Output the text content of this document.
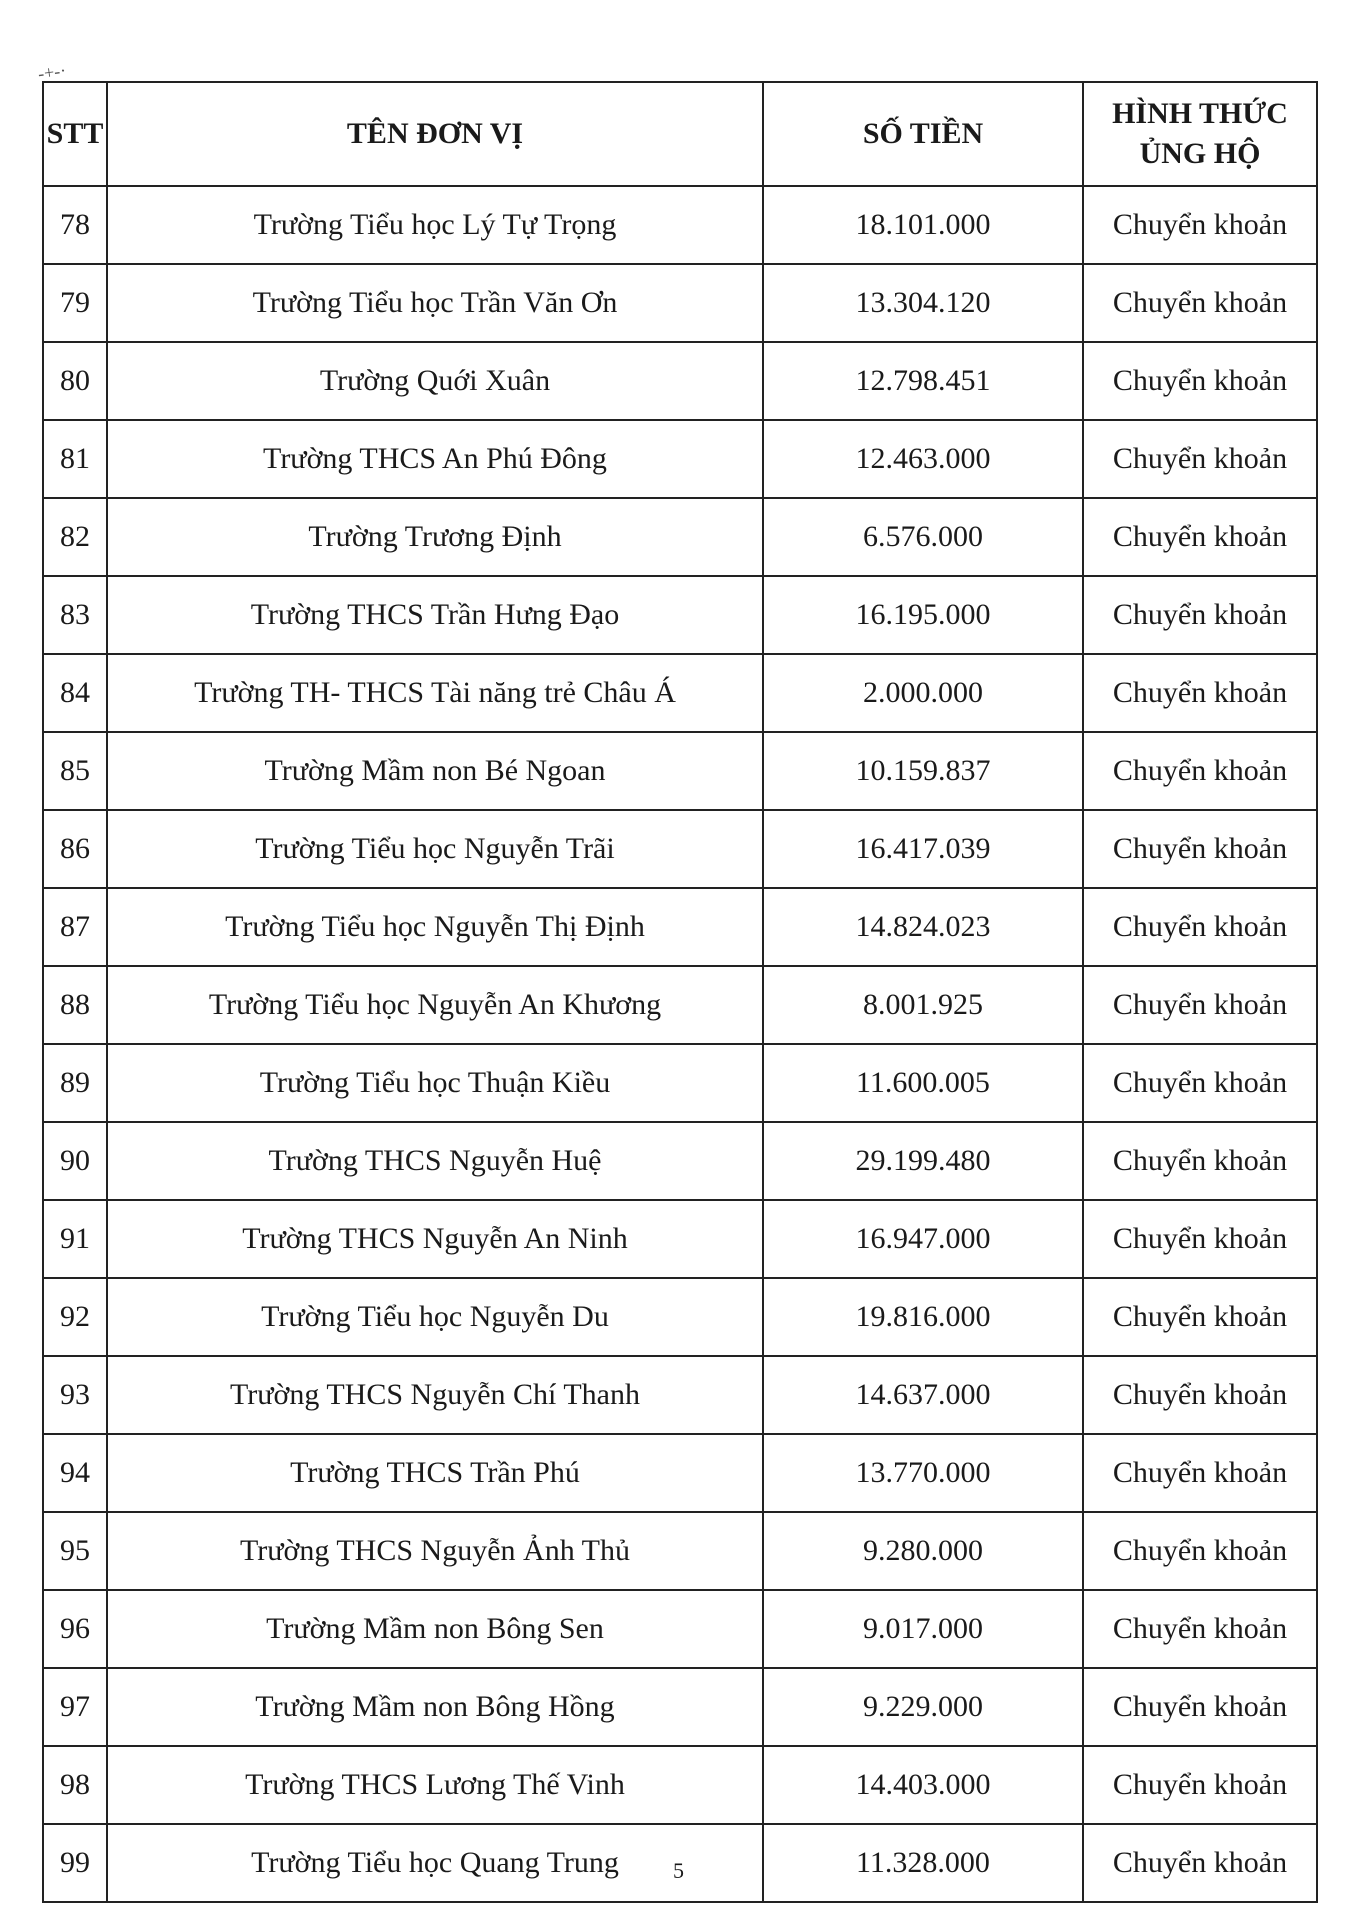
-+-·
STT	TÊN ĐƠN VỊ	SỐ TIỀN	HÌNH THỨC ỦNG HỘ
78	Trường Tiểu học Lý Tự Trọng	18.101.000	Chuyển khoản
79	Trường Tiểu học Trần Văn Ơn	13.304.120	Chuyển khoản
80	Trường Quới Xuân	12.798.451	Chuyển khoản
81	Trường THCS An Phú Đông	12.463.000	Chuyển khoản
82	Trường Trương Định	6.576.000	Chuyển khoản
83	Trường THCS Trần Hưng Đạo	16.195.000	Chuyển khoản
84	Trường TH- THCS Tài năng trẻ Châu Á	2.000.000	Chuyển khoản
85	Trường Mầm non Bé Ngoan	10.159.837	Chuyển khoản
86	Trường Tiểu học Nguyễn Trãi	16.417.039	Chuyển khoản
87	Trường Tiểu học Nguyễn Thị Định	14.824.023	Chuyển khoản
88	Trường Tiểu học Nguyễn An Khương	8.001.925	Chuyển khoản
89	Trường Tiểu học Thuận Kiều	11.600.005	Chuyển khoản
90	Trường THCS Nguyễn Huệ	29.199.480	Chuyển khoản
91	Trường THCS Nguyễn An Ninh	16.947.000	Chuyển khoản
92	Trường Tiểu học Nguyễn Du	19.816.000	Chuyển khoản
93	Trường THCS Nguyễn Chí Thanh	14.637.000	Chuyển khoản
94	Trường THCS Trần Phú	13.770.000	Chuyển khoản
95	Trường THCS Nguyễn Ảnh Thủ	9.280.000	Chuyển khoản
96	Trường Mầm non Bông Sen	9.017.000	Chuyển khoản
97	Trường Mầm non Bông Hồng	9.229.000	Chuyển khoản
98	Trường THCS Lương Thế Vinh	14.403.000	Chuyển khoản
99	Trường Tiểu học Quang Trung	11.328.000	Chuyển khoản
5
